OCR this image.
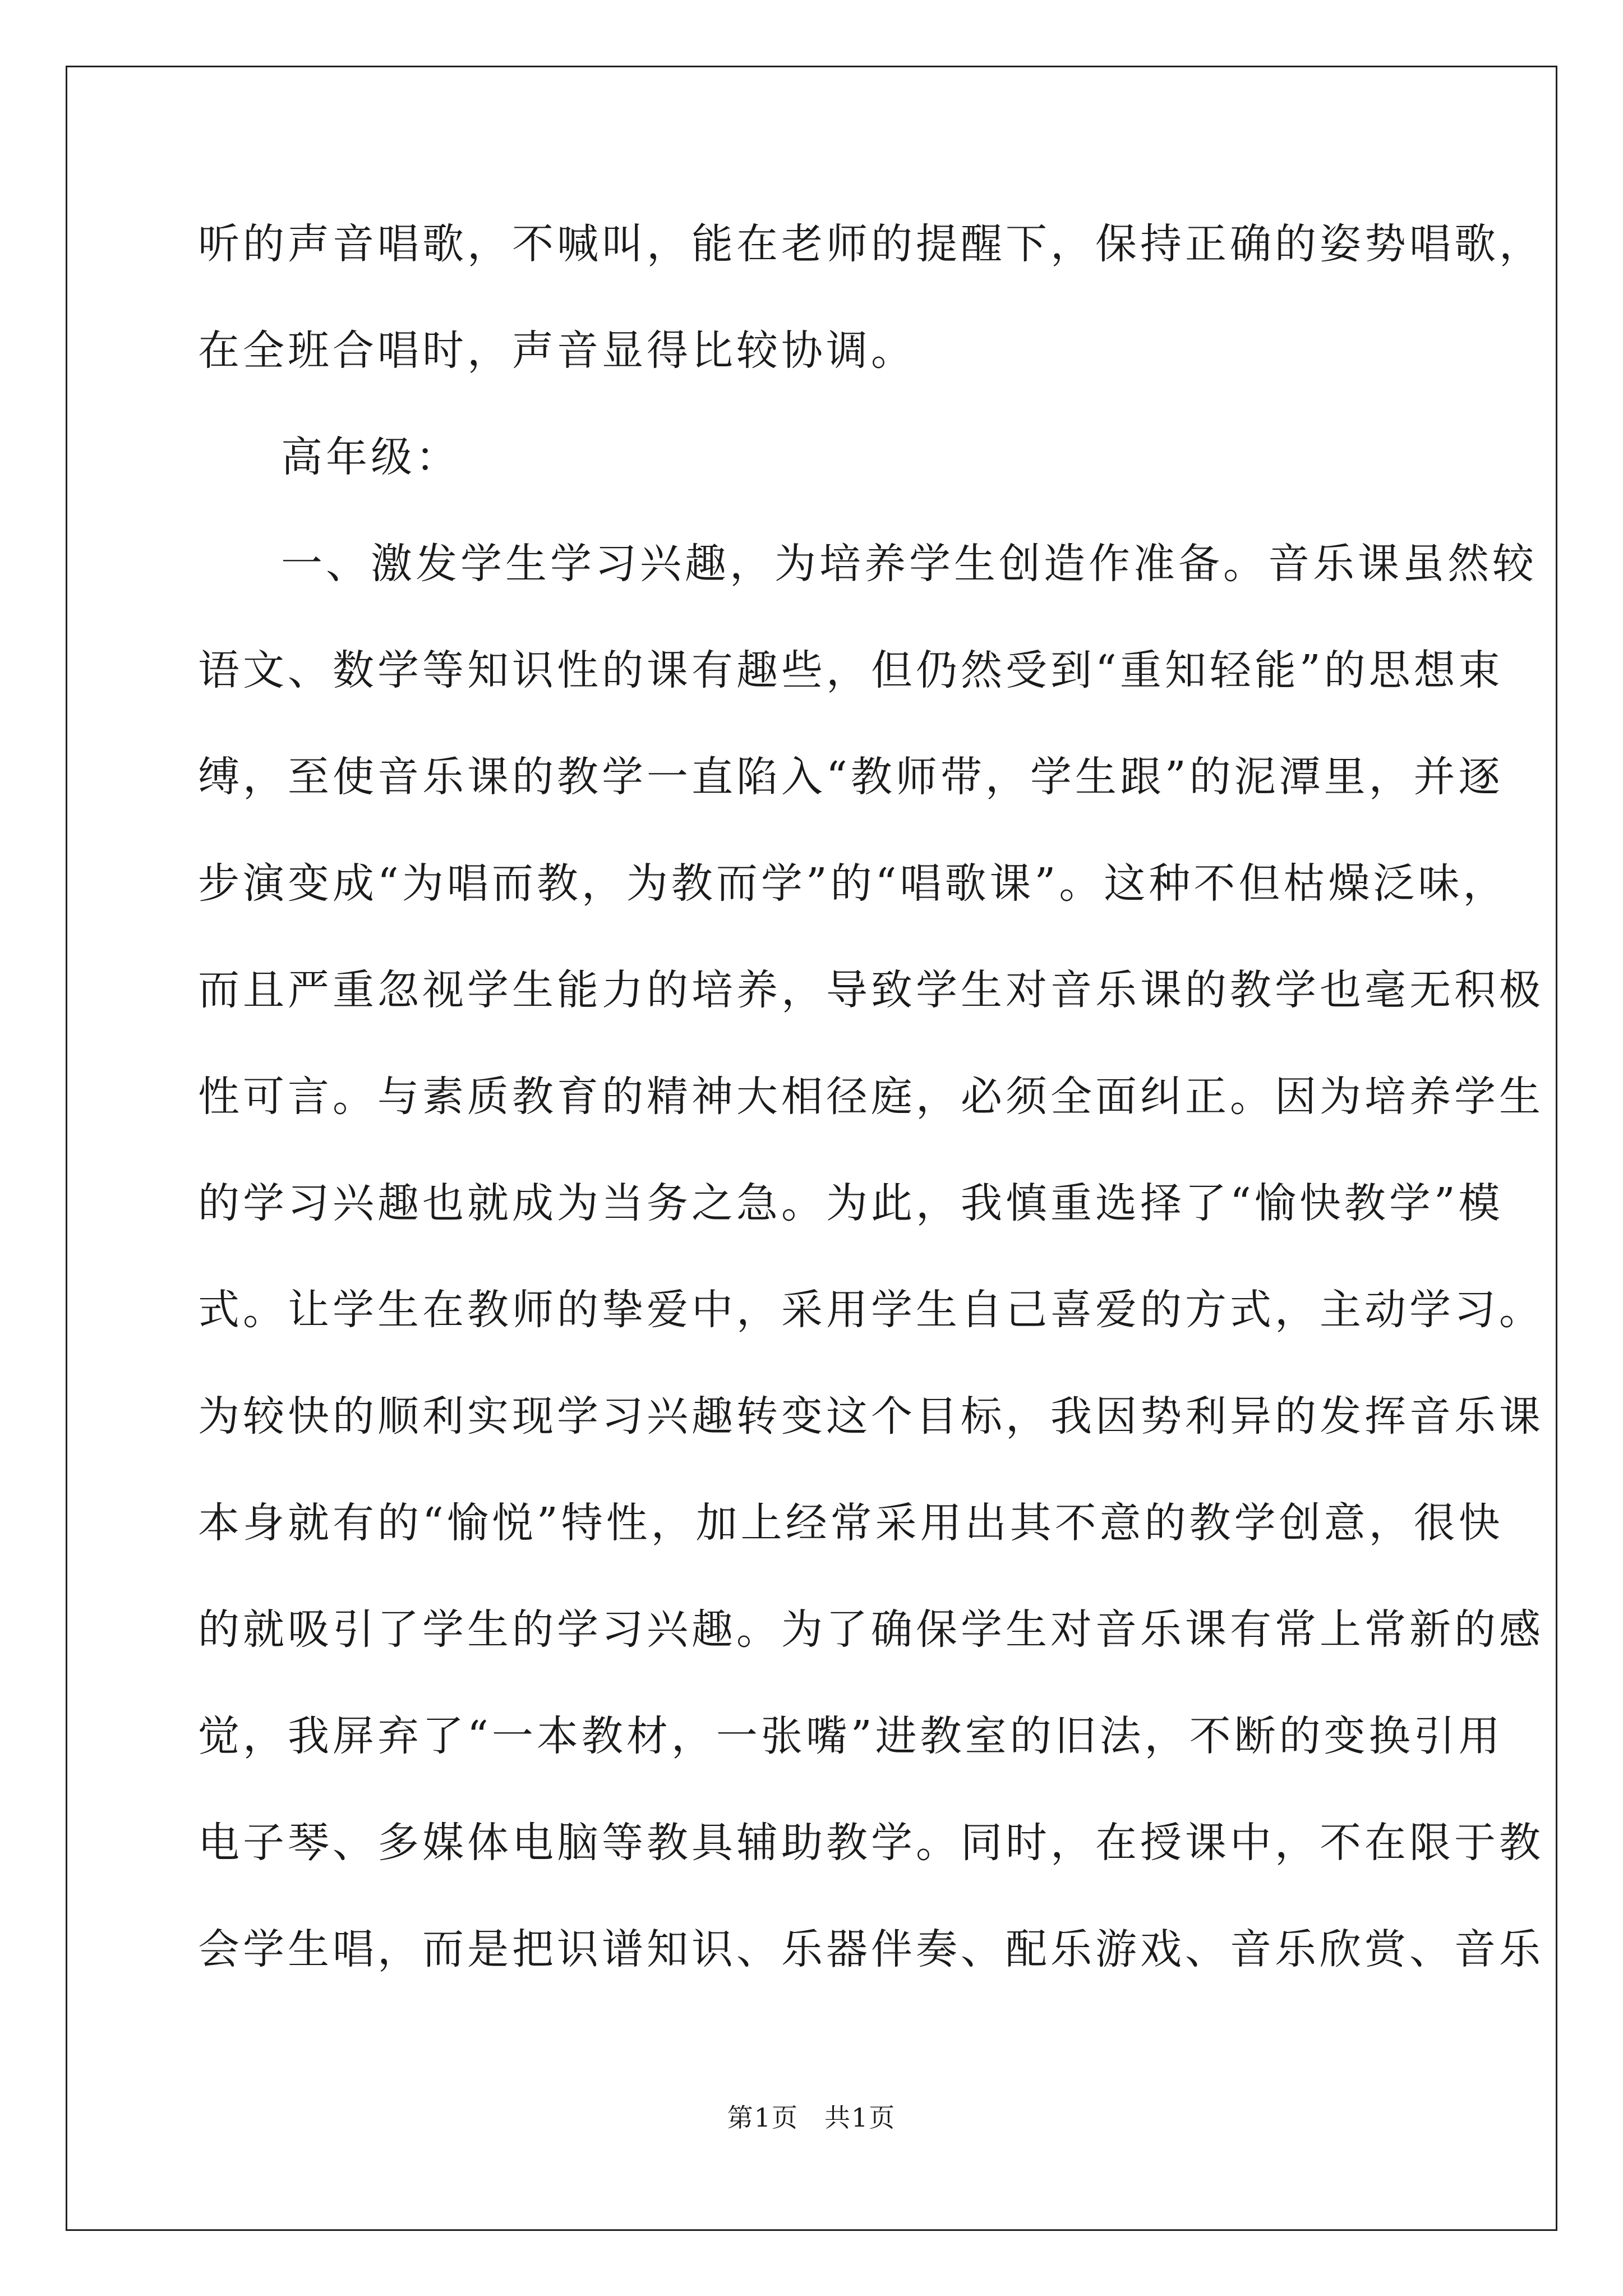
听的声音唱歌，不喊叫，能在老师的提醒下，保持正确的姿势唱歌，
在全班合唱时，声音显得比较协调。
高年级：
一、激发学生学习兴趣，为培养学生创造作准备。音乐课虽然较
语文、数学等知识性的课有趣些，但仍然受到“重知轻能”的思想束
缚，至使音乐课的教学一直陷入“教师带，学生跟”的泥潭里，并逐
步演变成“为唱而教，为教而学”的“唱歌课”。这种不但枯燥泛味，
而且严重忽视学生能力的培养，导致学生对音乐课的教学也毫无积极
性可言。与素质教育的精神大相径庭，必须全面纠正。因为培养学生
的学习兴趣也就成为当务之急。为此，我慎重选择了“愉快教学”模
式。让学生在教师的挚爱中，采用学生自己喜爱的方式，主动学习。
为较快的顺利实现学习兴趣转变这个目标，我因势利异的发挥音乐课
本身就有的“愉悦”特性，加上经常采用出其不意的教学创意，很快
的就吸引了学生的学习兴趣。为了确保学生对音乐课有常上常新的感
觉，我屏弃了“一本教材，一张嘴”进教室的旧法，不断的变换引用
电子琴、多媒体电脑等教具辅助教学。同时，在授课中，不在限于教
会学生唱，而是把识谱知识、乐器伴奏、配乐游戏、音乐欣赏、音乐
第1页 共1页
